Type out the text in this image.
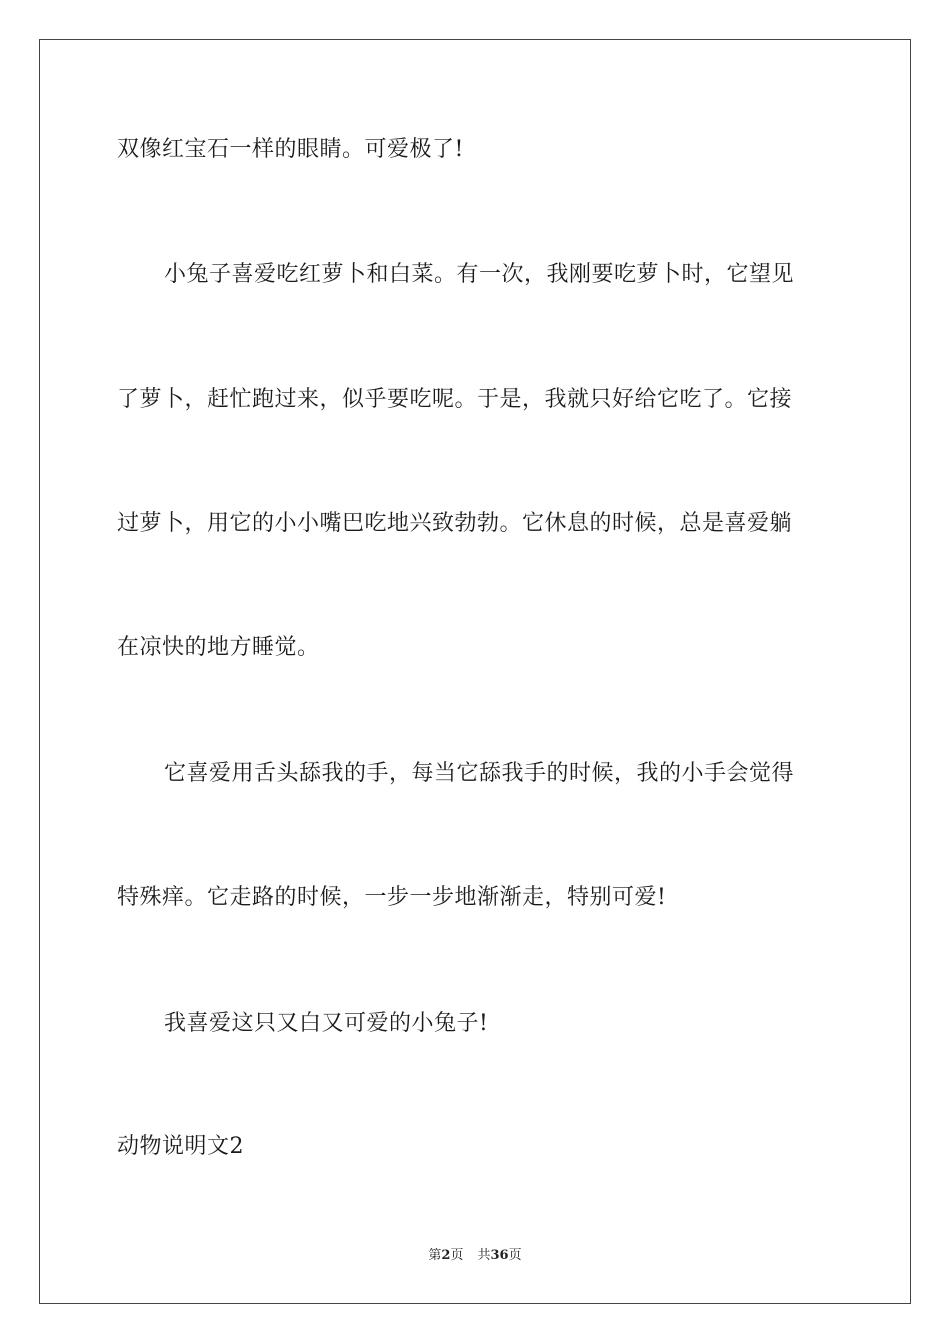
双像红宝石一样的眼睛。可爱极了!
小兔子喜爱吃红萝卜和白菜。有一次，我刚要吃萝卜时，它望见
了萝卜，赶忙跑过来，似乎要吃呢。于是，我就只好给它吃了。它接
过萝卜，用它的小小嘴巴吃地兴致勃勃。它休息的时候，总是喜爱躺
在凉快的地方睡觉。
它喜爱用舌头舔我的手，每当它舔我手的时候，我的小手会觉得
特殊痒。它走路的时候，一步一步地渐渐走，特别可爱!
我喜爱这只又白又可爱的小兔子!
动物说明文2
第2页 共36页
